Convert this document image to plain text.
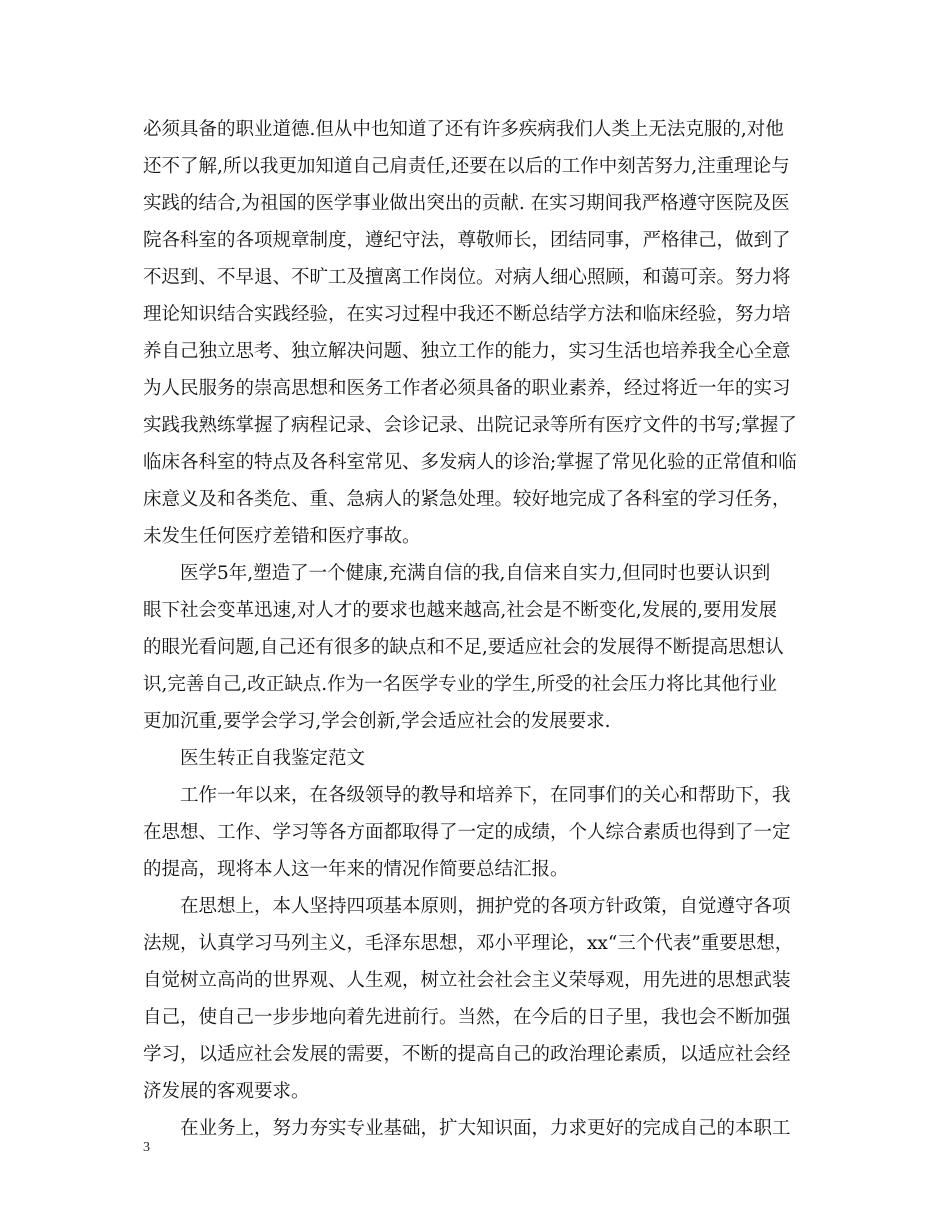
必须具备的职业道德.但从中也知道了还有许多疾病我们人类上无法克服的,对他

还不了解,所以我更加知道自己肩责任,还要在以后的工作中刻苦努力,注重理论与

实践的结合,为祖国的医学事业做出突出的贡献. 在实习期间我严格遵守医院及医

院各科室的各项规章制度，遵纪守法，尊敬师长，团结同事，严格律己，做到了

不迟到、不早退、不旷工及擅离工作岗位。对病人细心照顾，和蔼可亲。努力将

理论知识结合实践经验，在实习过程中我还不断总结学方法和临床经验，努力培

养自己独立思考、独立解决问题、独立工作的能力，实习生活也培养我全心全意

为人民服务的崇高思想和医务工作者必须具备的职业素养，经过将近一年的实习

实践我熟练掌握了病程记录、会诊记录、出院记录等所有医疗文件的书写;掌握了

临床各科室的特点及各科室常见、多发病人的诊治;掌握了常见化验的正常值和临

床意义及和各类危、重、急病人的紧急处理。较好地完成了各科室的学习任务，

未发生任何医疗差错和医疗事故。

医学5年,塑造了一个健康,充满自信的我,自信来自实力,但同时也要认识到

眼下社会变革迅速,对人才的要求也越来越高,社会是不断变化,发展的,要用发展

的眼光看问题,自己还有很多的缺点和不足,要适应社会的发展得不断提高思想认

识,完善自己,改正缺点.作为一名医学专业的学生,所受的社会压力将比其他行业

更加沉重,要学会学习,学会创新,学会适应社会的发展要求.

医生转正自我鉴定范文

工作一年以来，在各级领导的教导和培养下，在同事们的关心和帮助下，我

在思想、工作、学习等各方面都取得了一定的成绩，个人综合素质也得到了一定

的提高，现将本人这一年来的情况作简要总结汇报。

在思想上，本人坚持四项基本原则，拥护党的各项方针政策，自觉遵守各项

法规，认真学习马列主义，毛泽东思想，邓小平理论，xx“三个代表”重要思想，

自觉树立高尚的世界观、人生观，树立社会社会主义荣辱观，用先进的思想武装

自己，使自己一步步地向着先进前行。当然，在今后的日子里，我也会不断加强

学习，以适应社会发展的需要，不断的提高自己的政治理论素质，以适应社会经

济发展的客观要求。

在业务上，努力夯实专业基础，扩大知识面，力求更好的完成自己的本职工

3
